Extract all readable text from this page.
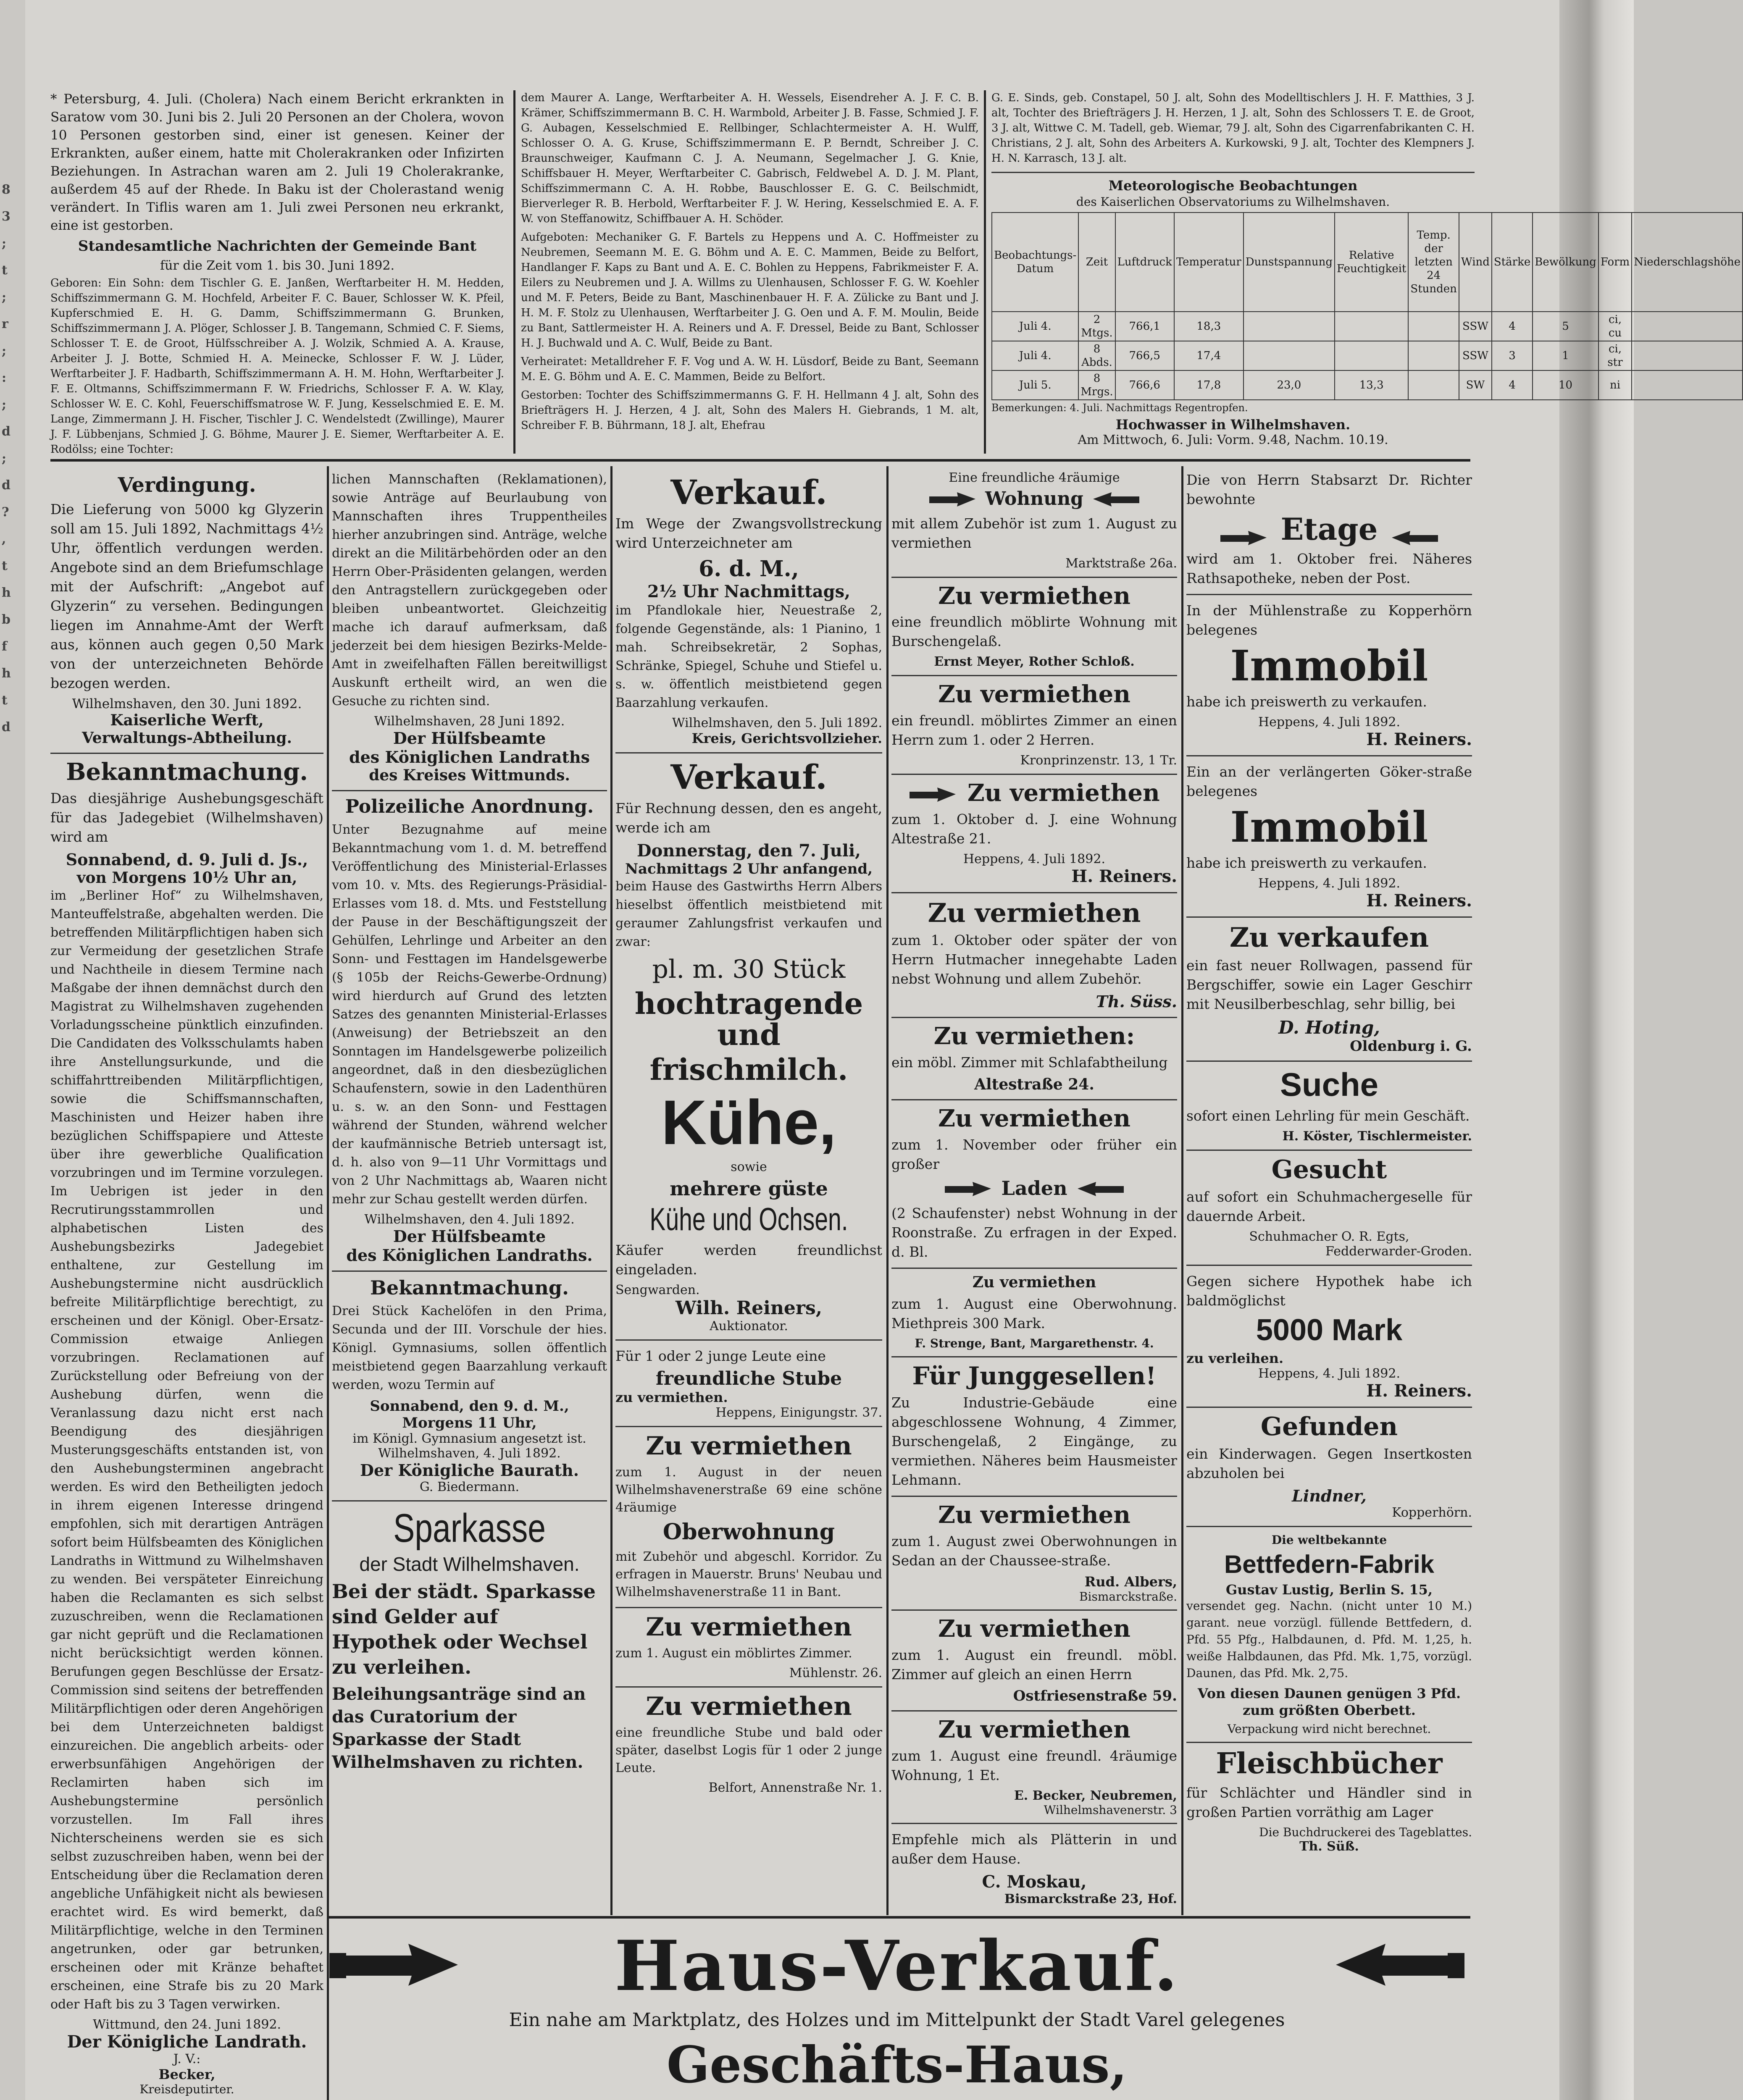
8
3
;
t
;
r
;
:
;
d
;
d
?
,
t
h
b
f
h
t
d

* Petersburg, 4. Juli. (Cholera) Nach einem Bericht erkrankten in Saratow vom 30. Juni bis 2. Juli 20 Personen an der Cholera, wovon 10 Personen gestorben sind, einer ist genesen. Keiner der Erkrankten, außer einem, hatte mit Cholerakranken oder Infizirten Beziehungen. In Astrachan waren am 2. Juli 19 Cholerakranke, außerdem 45 auf der Rhede. In Baku ist der Cholerastand wenig verändert. In Tiflis waren am 1. Juli zwei Personen neu erkrankt, eine ist gestorben.

Standesamtliche Nachrichten der Gemeinde Bant
für die Zeit vom 1. bis 30. Juni 1892.

Geboren: Ein Sohn: dem Tischler G. E. Janßen, Werftarbeiter H. M. Hedden, Schiffszimmermann G. M. Hochfeld, Arbeiter F. C. Bauer, Schlosser W. K. Pfeil, Kupferschmied E. H. G. Damm, Schiffszimmermann G. Brunken, Schiffszimmermann J. A. Plöger, Schlosser J. B. Tangemann, Schmied C. F. Siems, Schlosser T. E. de Groot, Hülfsschreiber A. J. Wolzik, Schmied A. A. Krause, Arbeiter J. J. Botte, Schmied H. A. Meinecke, Schlosser F. W. J. Lüder, Werftarbeiter J. F. Hadbarth, Schiffszimmermann A. H. M. Hohn, Werftarbeiter J. F. E. Oltmanns, Schiffszimmermann F. W. Friedrichs, Schlosser F. A. W. Klay, Schlosser W. E. C. Kohl, Feuerschiffsmatrose W. F. Jung, Kesselschmied E. E. M. Lange, Zimmermann J. H. Fischer, Tischler J. C. Wendelstedt (Zwillinge), Maurer J. F. Lübbenjans, Schmied J. G. Böhme, Maurer J. E. Siemer, Werftarbeiter A. E. Rodölss; eine Tochter:

dem Maurer A. Lange, Werftarbeiter A. H. Wessels, Eisendreher A. J. F. C. B. Krämer, Schiffszimmermann B. C. H. Warmbold, Arbeiter J. B. Fasse, Schmied J. F. G. Aubagen, Kesselschmied E. Rellbinger, Schlachtermeister A. H. Wulff, Schlosser O. A. G. Kruse, Schiffszimmermann E. P. Berndt, Schreiber J. C. Braunschweiger, Kaufmann C. J. A. Neumann, Segelmacher J. G. Knie, Schiffsbauer H. Meyer, Werftarbeiter C. Gabrisch, Feldwebel A. D. J. M. Plant, Schiffszimmermann C. A. H. Robbe, Bauschlosser E. G. C. Beilschmidt, Bierverleger R. B. Herbold, Werftarbeiter F. J. W. Hering, Kesselschmied E. A. F. W. von Steffanowitz, Schiffbauer A. H. Schöder.

Aufgeboten: Mechaniker G. F. Bartels zu Heppens und A. C. Hoffmeister zu Neubremen, Seemann M. E. G. Böhm und A. E. C. Mammen, Beide zu Belfort, Handlanger F. Kaps zu Bant und A. E. C. Bohlen zu Heppens, Fabrikmeister F. A. Eilers zu Neubremen und J. A. Willms zu Ulenhausen, Schlosser F. G. W. Koehler und M. F. Peters, Beide zu Bant, Maschinenbauer H. F. A. Zülicke zu Bant und J. H. M. F. Stolz zu Ulenhausen, Werftarbeiter J. G. Oen und A. F. M. Moulin, Beide zu Bant, Sattlermeister H. A. Reiners und A. F. Dressel, Beide zu Bant, Schlosser H. J. Buchwald und A. C. Wulf, Beide zu Bant.

Verheiratet: Metalldreher F. F. Vog und A. W. H. Lüsdorf, Beide zu Bant, Seemann M. E. G. Böhm und A. E. C. Mammen, Beide zu Belfort.

Gestorben: Tochter des Schiffszimmermanns G. F. H. Hellmann 4 J. alt, Sohn des Briefträgers H. J. Herzen, 4 J. alt, Sohn des Malers H. Giebrands, 1 M. alt, Schreiber F. B. Bührmann, 18 J. alt, Ehefrau

G. E. Sinds, geb. Constapel, 50 J. alt, Sohn des Modelltischlers J. H. F. Matthies, 3 J. alt, Tochter des Briefträgers J. H. Herzen, 1 J. alt, Sohn des Schlossers T. E. de Groot, 3 J. alt, Wittwe C. M. Tadell, geb. Wiemar, 79 J. alt, Sohn des Cigarrenfabrikanten C. H. Christians, 2 J. alt, Sohn des Arbeiters A. Kurkowski, 9 J. alt, Tochter des Klempners J. H. N. Karrasch, 13 J. alt.

Meteorologische Beobachtungen
des Kaiserlichen Observatoriums zu Wilhelmshaven.
Beobachtungs-Datum	Zeit	Luftdruck	Temperatur	Dunstspannung	Relative Feuchtigkeit	Temp. der letzten 24 Stunden	Wind	Stärke	Bewölkung	Form	Niederschlagshöhe
Juli 4.	2 Mtgs.	766,1	18,3				SSW	4	5	ci, cu	
Juli 4.	8 Abds.	766,5	17,4				SSW	3	1	ci, str	
Juli 5.	8 Mrgs.	766,6	17,8	23,0	13,3		SW	4	10	ni	
Bemerkungen: 4. Juli. Nachmittags Regentropfen.
Hochwasser in Wilhelmshaven.
Am Mittwoch, 6. Juli: Vorm. 9.48, Nachm. 10.19.
Verdingung.

Die Lieferung von 5000 kg Glyzerin soll am 15. Juli 1892, Nachmittags 4½ Uhr, öffentlich verdungen werden. Angebote sind an dem Briefumschlage mit der Aufschrift: „Angebot auf Glyzerin“ zu versehen. Bedingungen liegen im Annahme-Amt der Werft aus, können auch gegen 0,50 Mark von der unterzeichneten Behörde bezogen werden.

Wilhelmshaven, den 30. Juni 1892.
Kaiserliche Werft,
Verwaltungs-Abtheilung.
Bekanntmachung.

Das diesjährige Aushebungsgeschäft für das Jadegebiet (Wilhelmshaven) wird am

Sonnabend, d. 9. Juli d. Js.,
von Morgens 10½ Uhr an,

im „Berliner Hof“ zu Wilhelmshaven, Manteuffelstraße, abgehalten werden. Die betreffenden Militärpflichtigen haben sich zur Vermeidung der gesetzlichen Strafe und Nachtheile in diesem Termine nach Maßgabe der ihnen demnächst durch den Magistrat zu Wilhelmshaven zugehenden Vorladungsscheine pünktlich einzufinden. Die Candidaten des Volksschulamts haben ihre Anstellungsurkunde, und die schiffahrttreibenden Militärpflichtigen, sowie die Schiffsmannschaften, Maschinisten und Heizer haben ihre bezüglichen Schiffspapiere und Atteste über ihre gewerbliche Qualification vorzubringen und im Termine vorzulegen. Im Uebrigen ist jeder in den Recrutirungsstammrollen und alphabetischen Listen des Aushebungsbezirks Jadegebiet enthaltene, zur Gestellung im Aushebungstermine nicht ausdrücklich befreite Militärpflichtige berechtigt, zu erscheinen und der Königl. Ober-Ersatz-Commission etwaige Anliegen vorzubringen. Reclamationen auf Zurückstellung oder Befreiung von der Aushebung dürfen, wenn die Veranlassung dazu nicht erst nach Beendigung des diesjährigen Musterungsgeschäfts entstanden ist, von den Aushebungsterminen angebracht werden. Es wird den Betheiligten jedoch in ihrem eigenen Interesse dringend empfohlen, sich mit derartigen Anträgen sofort beim Hülfsbeamten des Königlichen Landraths in Wittmund zu Wilhelmshaven zu wenden. Bei verspäteter Einreichung haben die Reclamanten es sich selbst zuzuschreiben, wenn die Reclamationen gar nicht geprüft und die Reclamationen nicht berücksichtigt werden können. Berufungen gegen Beschlüsse der Ersatz-Commission sind seitens der betreffenden Militärpflichtigen oder deren Angehörigen bei dem Unterzeichneten baldigst einzureichen. Die angeblich arbeits- oder erwerbsunfähigen Angehörigen der Reclamirten haben sich im Aushebungstermine persönlich vorzustellen. Im Fall ihres Nichterscheinens werden sie es sich selbst zuzuschreiben haben, wenn bei der Entscheidung über die Reclamation deren angebliche Unfähigkeit nicht als bewiesen erachtet wird. Es wird bemerkt, daß Militärpflichtige, welche in den Terminen angetrunken, oder gar betrunken, erscheinen oder mit Kränze behaftet erscheinen, eine Strafe bis zu 20 Mark oder Haft bis zu 3 Tagen verwirken.

Wittmund, den 24. Juni 1892.
Der Königliche Landrath.
J. V.:
Becker,
Kreisdeputirter.

lichen Mannschaften (Reklamationen), sowie Anträge auf Beurlaubung von Mannschaften ihres Truppentheiles hierher anzubringen sind. Anträge, welche direkt an die Militärbehörden oder an den Herrn Ober-Präsidenten gelangen, werden den Antragstellern zurückgegeben oder bleiben unbeantwortet. Gleichzeitig mache ich darauf aufmerksam, daß jederzeit bei dem hiesigen Bezirks-Melde-Amt in zweifelhaften Fällen bereitwilligst Auskunft ertheilt wird, an wen die Gesuche zu richten sind.

Wilhelmshaven, 28 Juni 1892.
Der Hülfsbeamte
des Königlichen Landraths
des Kreises Wittmunds.
Polizeiliche Anordnung.

Unter Bezugnahme auf meine Bekanntmachung vom 1. d. M. betreffend Veröffentlichung des Ministerial-Erlasses vom 10. v. Mts. des Regierungs-Präsidial-Erlasses vom 18. d. Mts. und Feststellung der Pause in der Beschäftigungszeit der Gehülfen, Lehrlinge und Arbeiter an den Sonn- und Festtagen im Handelsgewerbe (§ 105b der Reichs-Gewerbe-Ordnung) wird hierdurch auf Grund des letzten Satzes des genannten Ministerial-Erlasses (Anweisung) der Betriebszeit an den Sonntagen im Handelsgewerbe polizeilich angeordnet, daß in den diesbezüglichen Schaufenstern, sowie in den Ladenthüren u. s. w. an den Sonn- und Festtagen während der Stunden, während welcher der kaufmännische Betrieb untersagt ist, d. h. also von 9—11 Uhr Vormittags und von 2 Uhr Nachmittags ab, Waaren nicht mehr zur Schau gestellt werden dürfen.

Wilhelmshaven, den 4. Juli 1892.
Der Hülfsbeamte
des Königlichen Landraths.
Bekanntmachung.

Drei Stück Kachelöfen in den Prima, Secunda und der III. Vorschule der hies. Königl. Gymnasiums, sollen öffentlich meistbietend gegen Baarzahlung verkauft werden, wozu Termin auf

Sonnabend, den 9. d. M.,
Morgens 11 Uhr,
im Königl. Gymnasium angesetzt ist.
Wilhelmshaven, 4. Juli 1892.
Der Königliche Baurath.
G. Biedermann.
Sparkasse
der Stadt Wilhelmshaven.

Bei der städt. Sparkasse sind Gelder auf Hypothek oder Wechsel zu verleihen.

Beleihungsanträge sind an das Curatorium der Sparkasse der Stadt Wilhelmshaven zu richten.

Verkauf.

Im Wege der Zwangsvollstreckung wird Unterzeichneter am

6. d. M.,
2½ Uhr Nachmittags,

im Pfandlokale hier, Neuestraße 2, folgende Gegenstände, als: 1 Pianino, 1 mah. Schreibsekretär, 2 Sophas, Schränke, Spiegel, Schuhe und Stiefel u. s. w. öffentlich meistbietend gegen Baarzahlung verkaufen.

Wilhelmshaven, den 5. Juli 1892.
Kreis, Gerichtsvollzieher.
Verkauf.

Für Rechnung dessen, den es angeht, werde ich am

Donnerstag, den 7. Juli,
Nachmittags 2 Uhr anfangend,

beim Hause des Gastwirths Herrn Albers hieselbst öffentlich meistbietend mit geraumer Zahlungsfrist verkaufen und zwar:

pl. m. 30 Stück
hochtragende und
frischmilch.
Kühe,
sowie
mehrere güste
Kühe und Ochsen.

Käufer werden freundlichst eingeladen.

Sengwarden.
Wilh. Reiners,
Auktionator.

Für 1 oder 2 junge Leute eine

freundliche Stube
zu vermiethen.
Heppens, Einigungstr. 37.
Zu vermiethen

zum 1. August in der neuen Wilhelmshavenerstraße 69 eine schöne 4räumige

Oberwohnung

mit Zubehör und abgeschl. Korridor. Zu erfragen in Mauerstr. Bruns' Neubau und Wilhelmshavenerstraße 11 in Bant.

Zu vermiethen

zum 1. August ein möblirtes Zimmer.

Mühlenstr. 26.
Zu vermiethen

eine freundliche Stube und bald oder später, daselbst Logis für 1 oder 2 junge Leute.

Belfort, Annenstraße Nr. 1.
Eine freundliche 4räumige
Wohnung

mit allem Zubehör ist zum 1. August zu vermiethen

Marktstraße 26a.
Zu vermiethen

eine freundlich möblirte Wohnung mit Burschengelaß.

Ernst Meyer, Rother Schloß.
Zu vermiethen

ein freundl. möblirtes Zimmer an einen Herrn zum 1. oder 2 Herren.

Kronprinzenstr. 13, 1 Tr.
Zu vermiethen

zum 1. Oktober d. J. eine Wohnung Altestraße 21.

Heppens, 4. Juli 1892.
H. Reiners.
Zu vermiethen

zum 1. Oktober oder später der von Herrn Hutmacher innegehabte Laden nebst Wohnung und allem Zubehör.

Th. Süss.
Zu vermiethen:

ein möbl. Zimmer mit Schlafabtheilung

Altestraße 24.
Zu vermiethen

zum 1. November oder früher ein großer

Laden

(2 Schaufenster) nebst Wohnung in der Roonstraße. Zu erfragen in der Exped. d. Bl.

Zu vermiethen

zum 1. August eine Oberwohnung. Miethpreis 300 Mark.

F. Strenge, Bant, Margarethenstr. 4.
Für Junggesellen!

Zu Industrie-Gebäude eine abgeschlossene Wohnung, 4 Zimmer, Burschengelaß, 2 Eingänge, zu vermiethen. Näheres beim Hausmeister Lehmann.

Zu vermiethen

zum 1. August zwei Oberwohnungen in Sedan an der Chaussee-straße.

Rud. Albers,
Bismarckstraße.
Zu vermiethen

zum 1. August ein freundl. möbl. Zimmer auf gleich an einen Herrn

Ostfriesenstraße 59.
Zu vermiethen

zum 1. August eine freundl. 4räumige Wohnung, 1 Et.

E. Becker, Neubremen,
Wilhelmshavenerstr. 3

Empfehle mich als Plätterin in und außer dem Hause.

C. Moskau,
Bismarckstraße 23, Hof.

Die von Herrn Stabsarzt Dr. Richter bewohnte

Etage

wird am 1. Oktober frei. Näheres Rathsapotheke, neben der Post.

In der Mühlenstraße zu Kopperhörn belegenes

Immobil

habe ich preiswerth zu verkaufen.

Heppens, 4. Juli 1892.
H. Reiners.

Ein an der verlängerten Göker-straße belegenes

Immobil

habe ich preiswerth zu verkaufen.

Heppens, 4. Juli 1892.
H. Reiners.
Zu verkaufen

ein fast neuer Rollwagen, passend für Bergschiffer, sowie ein Lager Geschirr mit Neusilberbeschlag, sehr billig, bei

D. Hoting,
Oldenburg i. G.
Suche

sofort einen Lehrling für mein Geschäft.

H. Köster, Tischlermeister.
Gesucht

auf sofort ein Schuhmachergeselle für dauernde Arbeit.

Schuhmacher O. R. Egts,
Fedderwarder-Groden.

Gegen sichere Hypothek habe ich baldmöglichst

5000 Mark
zu verleihen.
Heppens, 4. Juli 1892.
H. Reiners.
Gefunden

ein Kinderwagen. Gegen Insertkosten abzuholen bei

Lindner,
Kopperhörn.
Die weltbekannte
Bettfedern-Fabrik
Gustav Lustig, Berlin S. 15,

versendet geg. Nachn. (nicht unter 10 M.) garant. neue vorzügl. füllende Bettfedern, d. Pfd. 55 Pfg., Halbdaunen, d. Pfd. M. 1,25, h. weiße Halbdaunen, das Pfd. Mk. 1,75, vorzügl. Daunen, das Pfd. Mk. 2,75.

Von diesen Daunen genügen 3 Pfd. zum größten Oberbett.

Verpackung wird nicht berechnet.
Fleischbücher

für Schlächter und Händler sind in großen Partien vorräthig am Lager

Die Buchdruckerei des Tageblattes.
Th. Süß.
Haus-Verkauf.
Ein nahe am Marktplatz, des Holzes und im Mittelpunkt der Stadt Varel gelegenes
Geschäfts-Haus,
